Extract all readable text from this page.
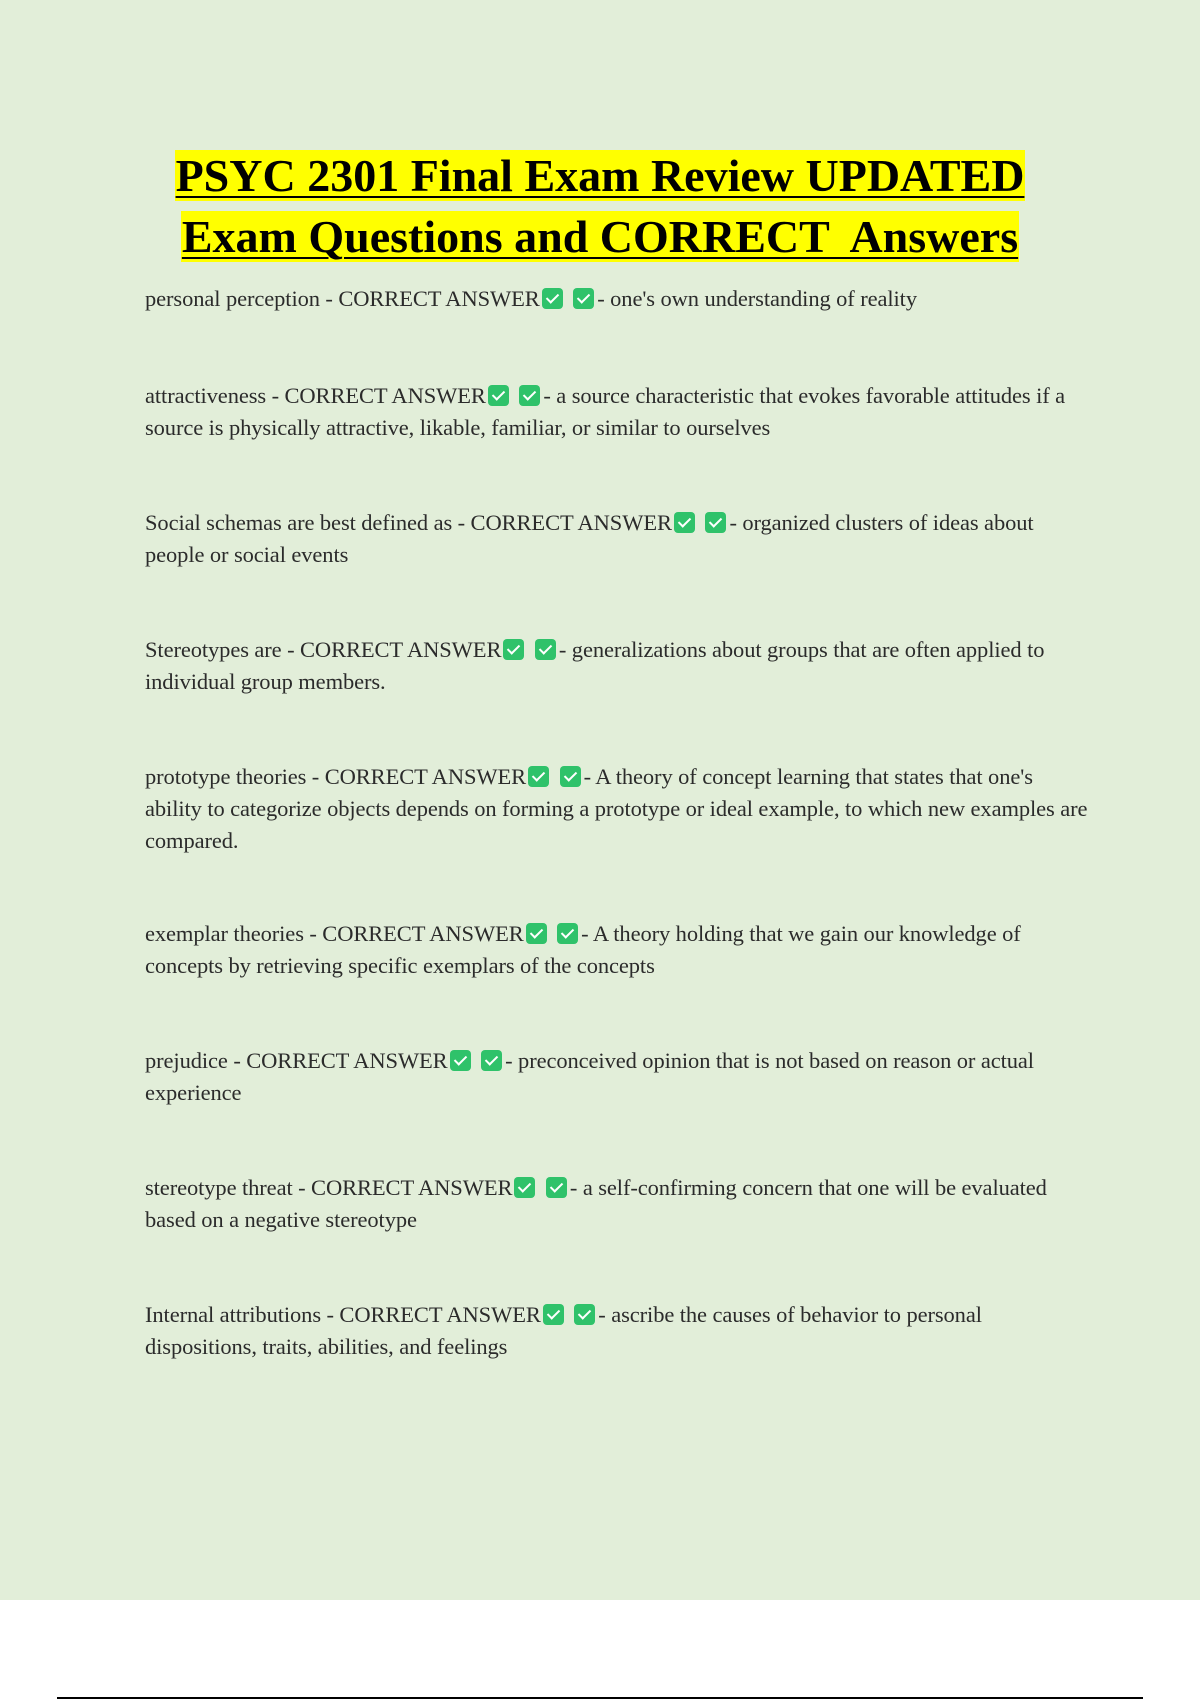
PSYC 2301 Final Exam Review UPDATED
Exam Questions and CORRECT  Answers

personal perception - CORRECT ANSWER	- one's own understanding of reality

attractiveness - CORRECT ANSWER	- a source characteristic that evokes favorable attitudes if a source is physically attractive, likable, familiar, or similar to ourselves

Social schemas are best defined as - CORRECT ANSWER	- organized clusters of ideas about people or social events

Stereotypes are - CORRECT ANSWER	- generalizations about groups that are often applied to individual group members.

prototype theories - CORRECT ANSWER	- A theory of concept learning that states that one's ability to categorize objects depends on forming a prototype or ideal example, to which new examples are compared.

exemplar theories - CORRECT ANSWER	- A theory holding that we gain our knowledge of concepts by retrieving specific exemplars of the concepts

prejudice - CORRECT ANSWER	- preconceived opinion that is not based on reason or actual experience

stereotype threat - CORRECT ANSWER	- a self-confirming concern that one will be evaluated based on a negative stereotype

Internal attributions - CORRECT ANSWER	- ascribe the causes of behavior to personal dispositions, traits, abilities, and feelings
